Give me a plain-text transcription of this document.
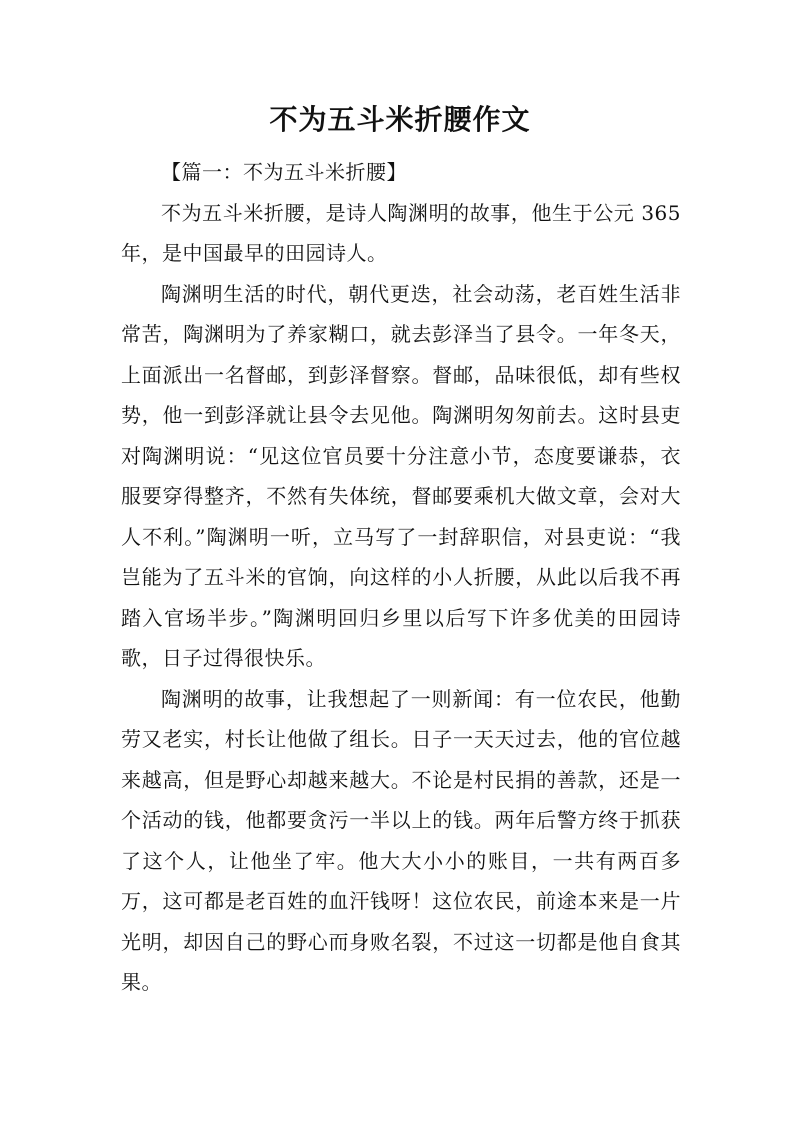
不为五斗米折腰作文

【篇一：不为五斗米折腰】

不为五斗米折腰，是诗人陶渊明的故事，他生于公元 365 年，是中国最早的田园诗人。

陶渊明生活的时代，朝代更迭，社会动荡，老百姓生活非常苦，陶渊明为了养家糊口，就去彭泽当了县令。一年冬天，上面派出一名督邮，到彭泽督察。督邮，品味很低，却有些权势，他一到彭泽就让县令去见他。陶渊明匆匆前去。这时县吏对陶渊明说：“见这位官员要十分注意小节，态度要谦恭，衣服要穿得整齐，不然有失体统，督邮要乘机大做文章，会对大人不利。”陶渊明一听，立马写了一封辞职信，对县吏说：“我岂能为了五斗米的官饷，向这样的小人折腰，从此以后我不再踏入官场半步。”陶渊明回归乡里以后写下许多优美的田园诗歌，日子过得很快乐。

陶渊明的故事，让我想起了一则新闻：有一位农民，他勤劳又老实，村长让他做了组长。日子一天天过去，他的官位越来越高，但是野心却越来越大。不论是村民捐的善款，还是一个活动的钱，他都要贪污一半以上的钱。两年后警方终于抓获了这个人，让他坐了牢。他大大小小的账目，一共有两百多万，这可都是老百姓的血汗钱呀！这位农民，前途本来是一片光明，却因自己的野心而身败名裂，不过这一切都是他自食其果。
